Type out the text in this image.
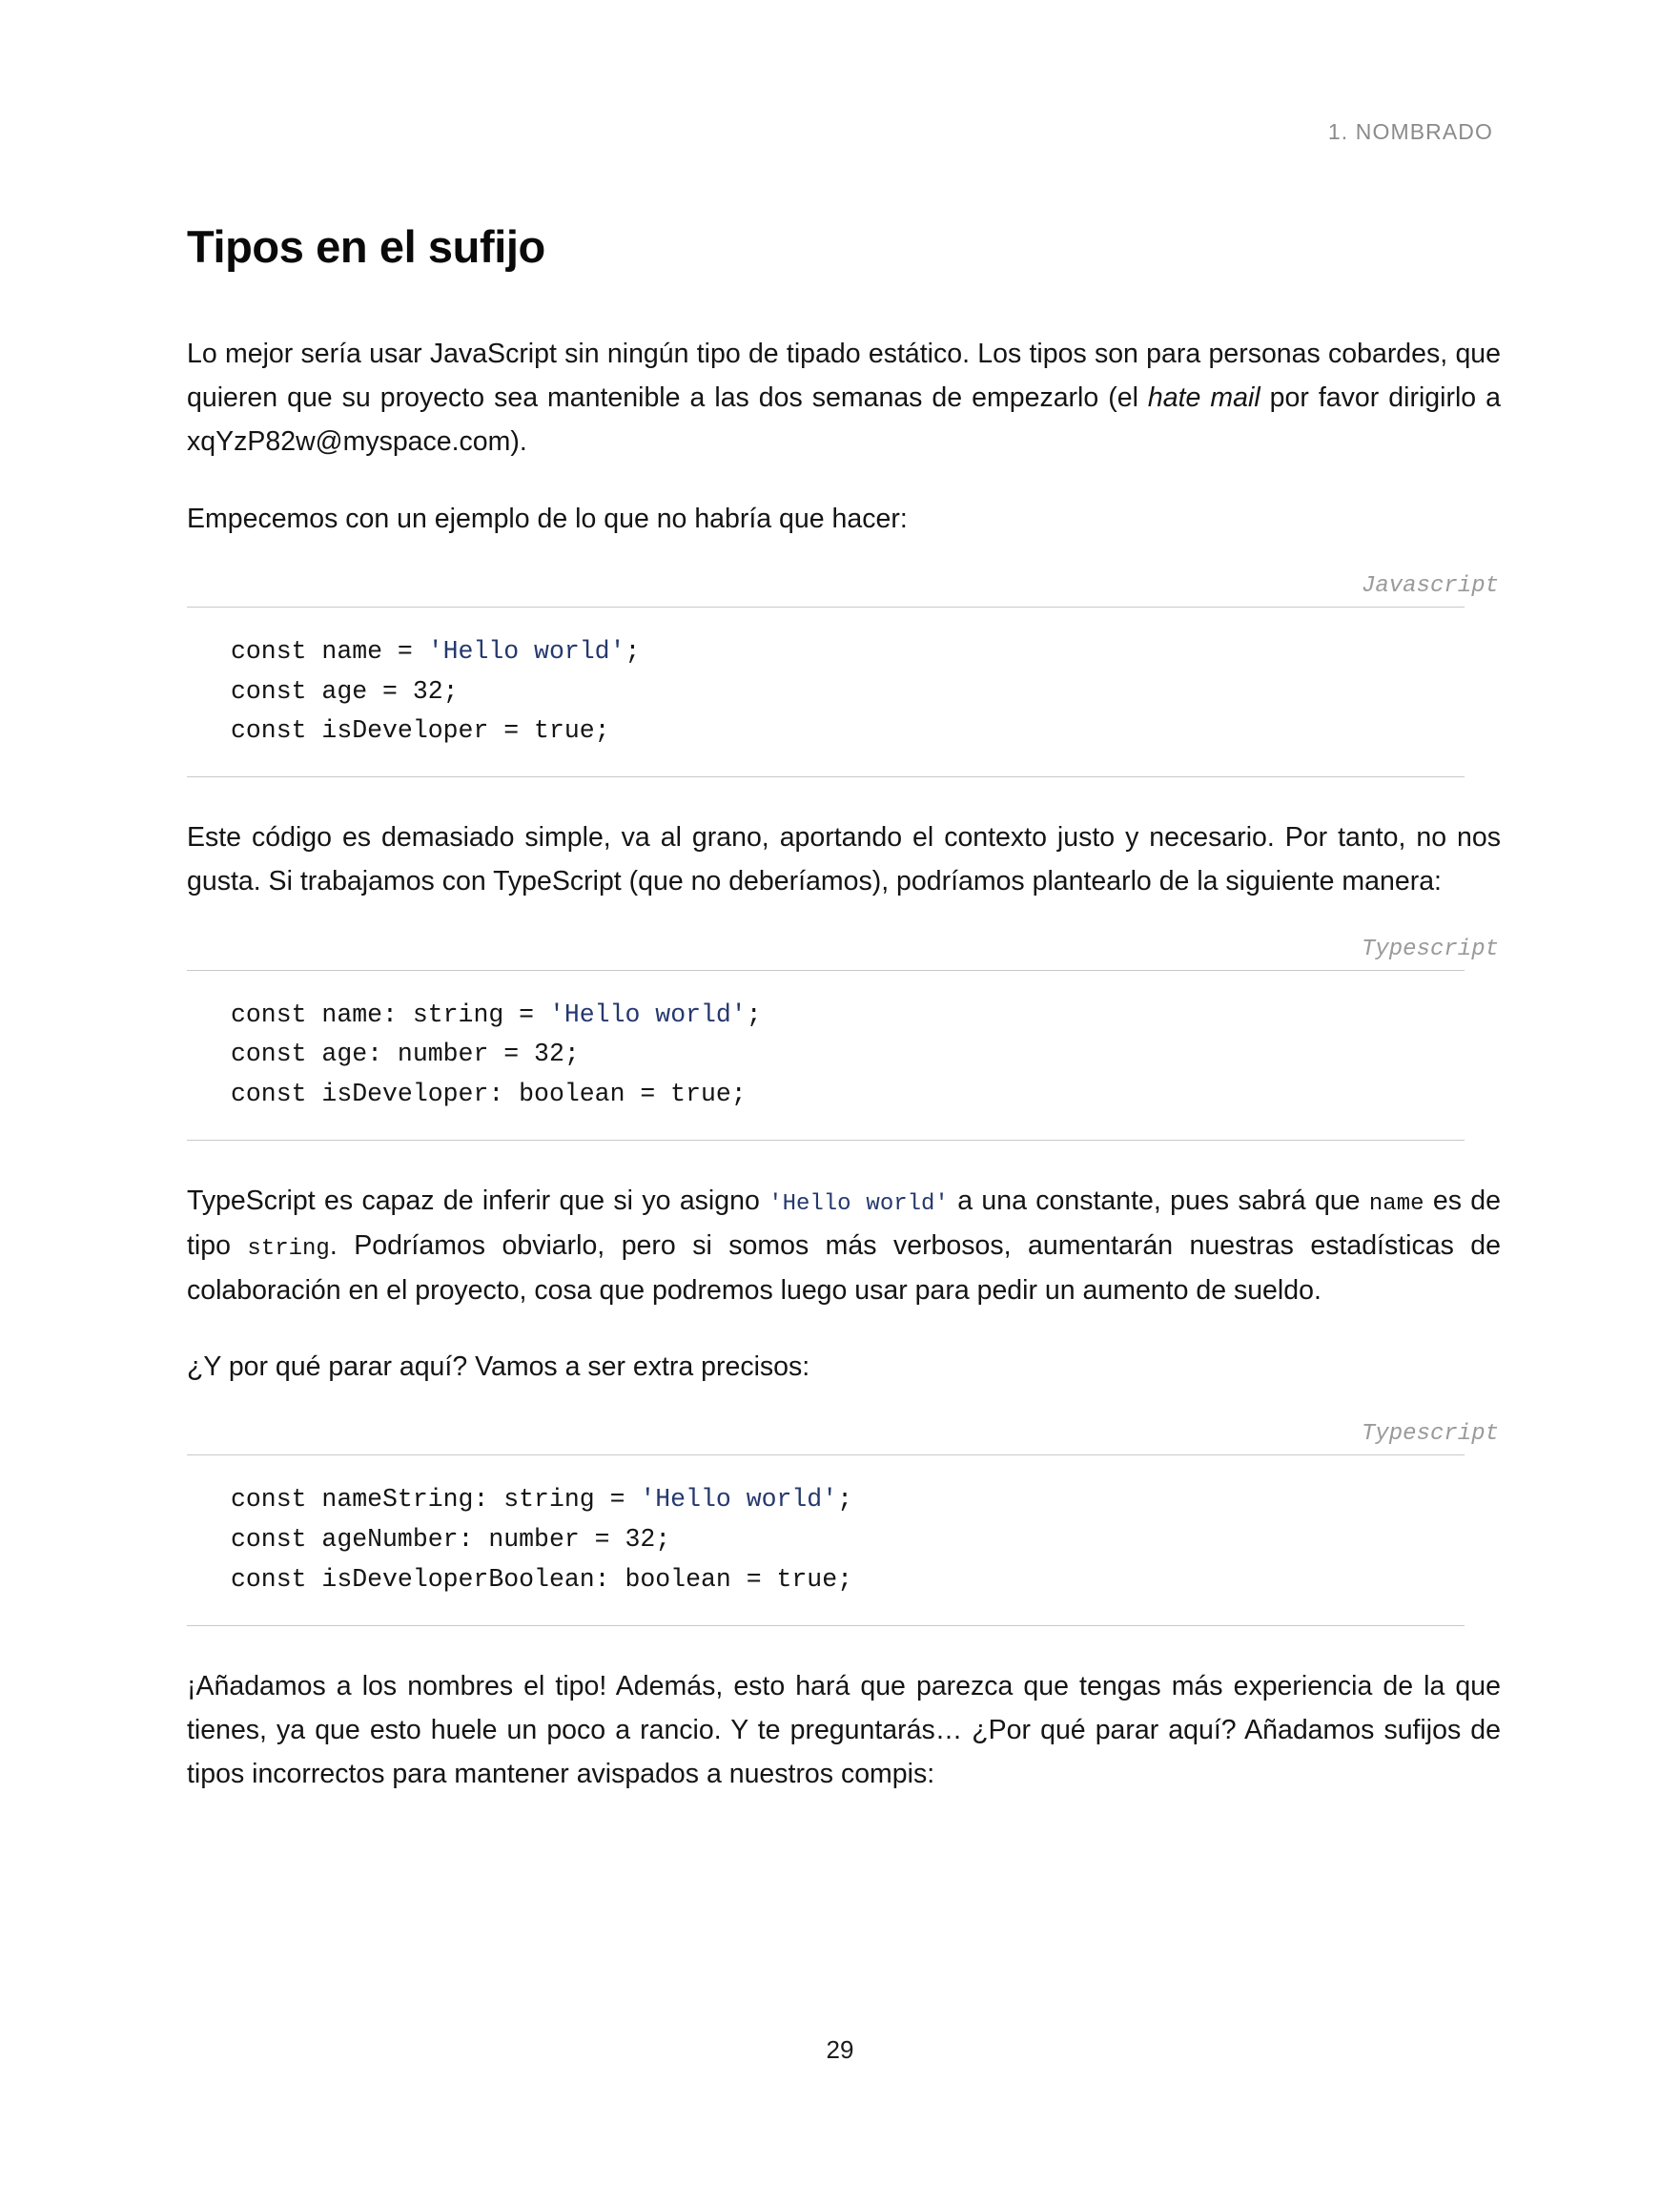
1. NOMBRADO
Tipos en el sufijo

Lo mejor sería usar JavaScript sin ningún tipo de tipado estático. Los tipos son para personas cobardes, que quieren que su proyecto sea mantenible a las dos semanas de empezarlo (el hate mail por favor dirigirlo a xqYzP82w@myspace.com).

Empecemos con un ejemplo de lo que no habría que hacer:

Javascript
const name = 'Hello world';
const age = 32;
const isDeveloper = true;

Este código es demasiado simple, va al grano, aportando el contexto justo y necesario. Por tanto, no nos gusta. Si trabajamos con TypeScript (que no deberíamos), podríamos plantearlo de la siguiente manera:

Typescript
const name: string = 'Hello world';
const age: number = 32;
const isDeveloper: boolean = true;

TypeScript es capaz de inferir que si yo asigno 'Hello world' a una constante, pues sabrá que name es de tipo string. Podríamos obviarlo, pero si somos más verbosos, aumentarán nuestras estadísticas de colaboración en el proyecto, cosa que podremos luego usar para pedir un aumento de sueldo.

¿Y por qué parar aquí? Vamos a ser extra precisos:

Typescript
const nameString: string = 'Hello world';
const ageNumber: number = 32;
const isDeveloperBoolean: boolean = true;

¡Añadamos a los nombres el tipo! Además, esto hará que parezca que tengas más experiencia de la que tienes, ya que esto huele un poco a rancio. Y te preguntarás… ¿Por qué parar aquí? Añadamos sufijos de tipos incorrectos para mantener avispados a nuestros compis:

29
